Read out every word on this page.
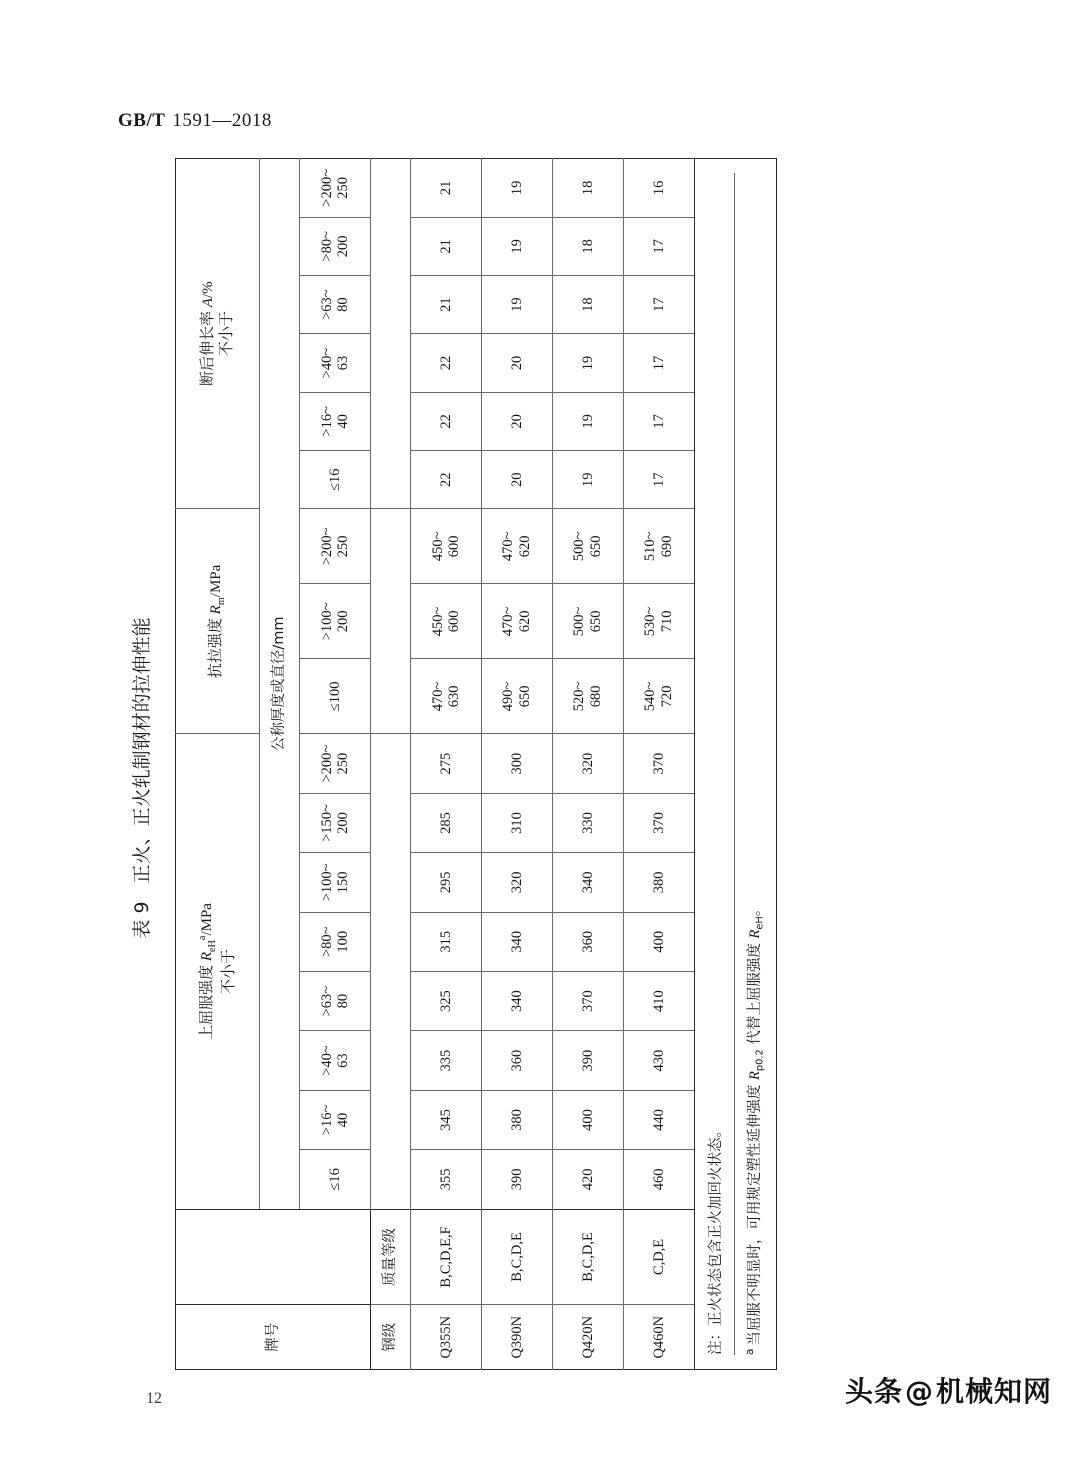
GB/T 1591—2018
牌号		上屈服强度 $R_{eH}^a$/MPa
不小于								抗拉强度 $R_m$/MPa			断后伸长率 A/%
不小于					

		公称厚度或直径/mm																

		≤16	>16~ 40	>40~ 63	>63~ 80	>80~ 100	>100~ 150	>150~ 200	>200~ 250	≤100	>100~ 200	>200~ 250	≤16	>16~ 40	>40~ 63	>63~ 80	>80~ 200	>200~ 250

钢级	质量等级																	
Q355N	B,C,D,E,F	355	345	335	325	315	295	285	275	470~ 630	450~ 600	450~ 600	22	22	22	21	21	21
Q390N	B,C,D,E	390	380	360	340	340	320	310	300	490~ 650	470~ 620	470~ 620	20	20	20	19	19	19
Q420N	B,C,D,E	420	400	390	370	360	340	330	320	520~ 680	500~ 650	500~ 650	19	19	19	18	18	18
Q460N	C,D,E	460	440	430	410	400	380	370	370	540~ 720	530~ 710	510~ 690	17	17	17	17	17	16
注：正火状态包含正火加回火状态。	$^a$当屈服不明显时，可用规定塑性延伸强度 $R_{p0.2}$ 代替上屈服强度 $R_{eH}$。
表 9
正火、正火轧制钢材的拉伸性能
12	头条@机械知网
